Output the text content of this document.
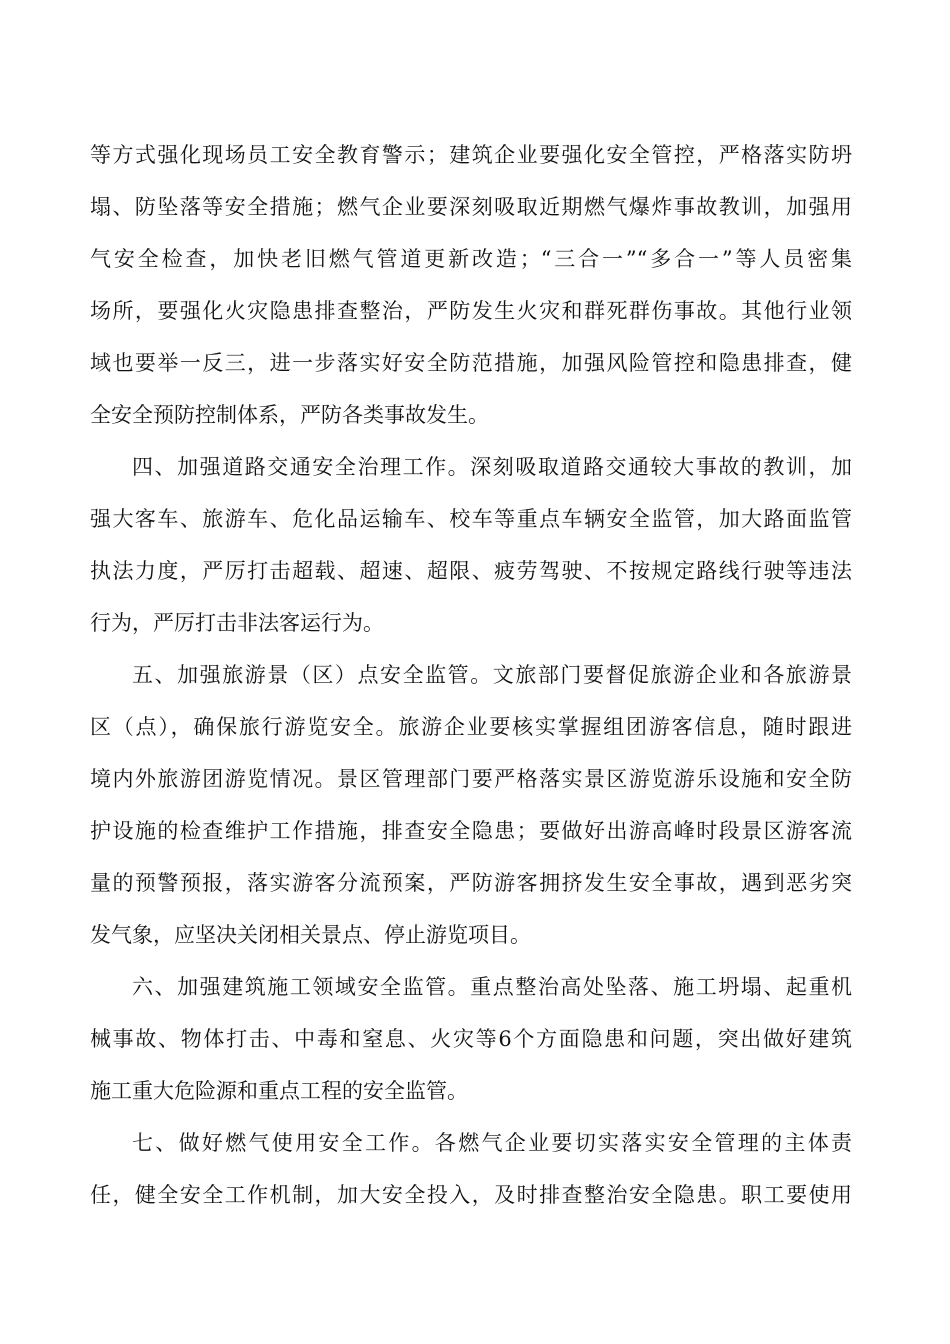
等方式强化现场员工安全教育警示；建筑企业要强化安全管控，严格落实防坍
塌、防坠落等安全措施；燃气企业要深刻吸取近期燃气爆炸事故教训，加强用
气安全检查，加快老旧燃气管道更新改造；“三合一”“多合一”等人员密集
场所，要强化火灾隐患排查整治，严防发生火灾和群死群伤事故。其他行业领
域也要举一反三，进一步落实好安全防范措施，加强风险管控和隐患排查，健
全安全预防控制体系，严防各类事故发生。
四、加强道路交通安全治理工作。深刻吸取道路交通较大事故的教训，加
强大客车、旅游车、危化品运输车、校车等重点车辆安全监管，加大路面监管
执法力度，严厉打击超载、超速、超限、疲劳驾驶、不按规定路线行驶等违法
行为，严厉打击非法客运行为。
五、加强旅游景（区）点安全监管。文旅部门要督促旅游企业和各旅游景
区（点），确保旅行游览安全。旅游企业要核实掌握组团游客信息，随时跟进
境内外旅游团游览情况。景区管理部门要严格落实景区游览游乐设施和安全防
护设施的检查维护工作措施，排查安全隐患；要做好出游高峰时段景区游客流
量的预警预报，落实游客分流预案，严防游客拥挤发生安全事故，遇到恶劣突
发气象，应坚决关闭相关景点、停止游览项目。
六、加强建筑施工领域安全监管。重点整治高处坠落、施工坍塌、起重机
械事故、物体打击、中毒和窒息、火灾等6个方面隐患和问题，突出做好建筑
施工重大危险源和重点工程的安全监管。
七、做好燃气使用安全工作。各燃气企业要切实落实安全管理的主体责
任，健全安全工作机制，加大安全投入，及时排查整治安全隐患。职工要使用
